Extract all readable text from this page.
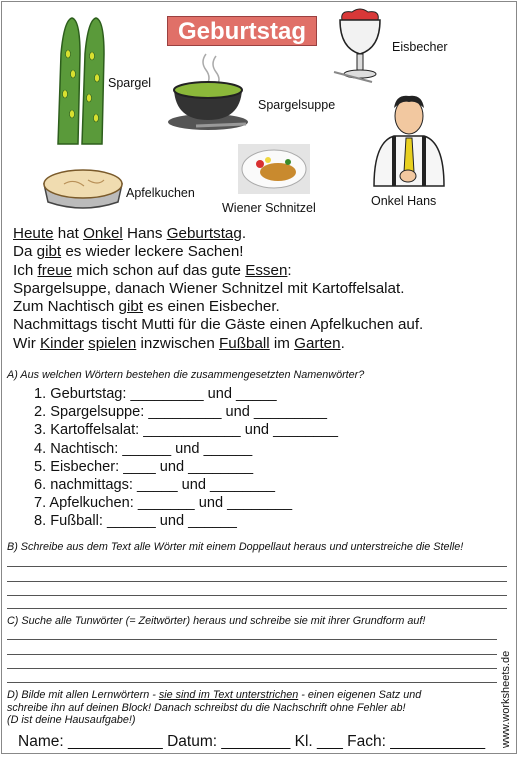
Geburtstag
Spargel
Spargelsuppe
Eisbecher
Onkel Hans
Apfelkuchen
Wiener Schnitzel
Heute hat Onkel Hans Geburtstag.
Da gibt es wieder leckere Sachen!
Ich freue mich schon auf das gute Essen:
Spargelsuppe, danach Wiener Schnitzel mit Kartoffelsalat.
Zum Nachtisch gibt es einen Eisbecher.
Nachmittags tischt Mutti für die Gäste einen Apfelkuchen auf.
Wir Kinder spielen inzwischen Fußball im Garten.
A) Aus welchen Wörtern bestehen die zusammengesetzten Namenwörter?
1. Geburtstag: _________ und _____
2. Spargelsuppe: _________ und _________
3. Kartoffelsalat: ____________ und ________
4. Nachtisch: ______ und ______
5. Eisbecher: ____ und ________
6. nachmittags: _____ und ________
7. Apfelkuchen: _______ und ________
8. Fußball: ______ und ______
B) Schreibe aus dem Text alle Wörter mit einem Doppellaut heraus und unterstreiche die Stelle!
C) Suche alle Tunwörter (= Zeitwörter) heraus und schreibe sie mit ihrer Grundform auf!
D) Bilde mit allen Lernwörtern - sie sind im Text unterstrichen - einen eigenen Satz und
schreibe ihn auf deinen Block! Danach schreibst du die Nachschrift ohne Fehler ab!
(D ist deine Hausaufgabe!)
Name: ___________ Datum: ________ Kl. ___ Fach: ___________ www.worksheets.de
